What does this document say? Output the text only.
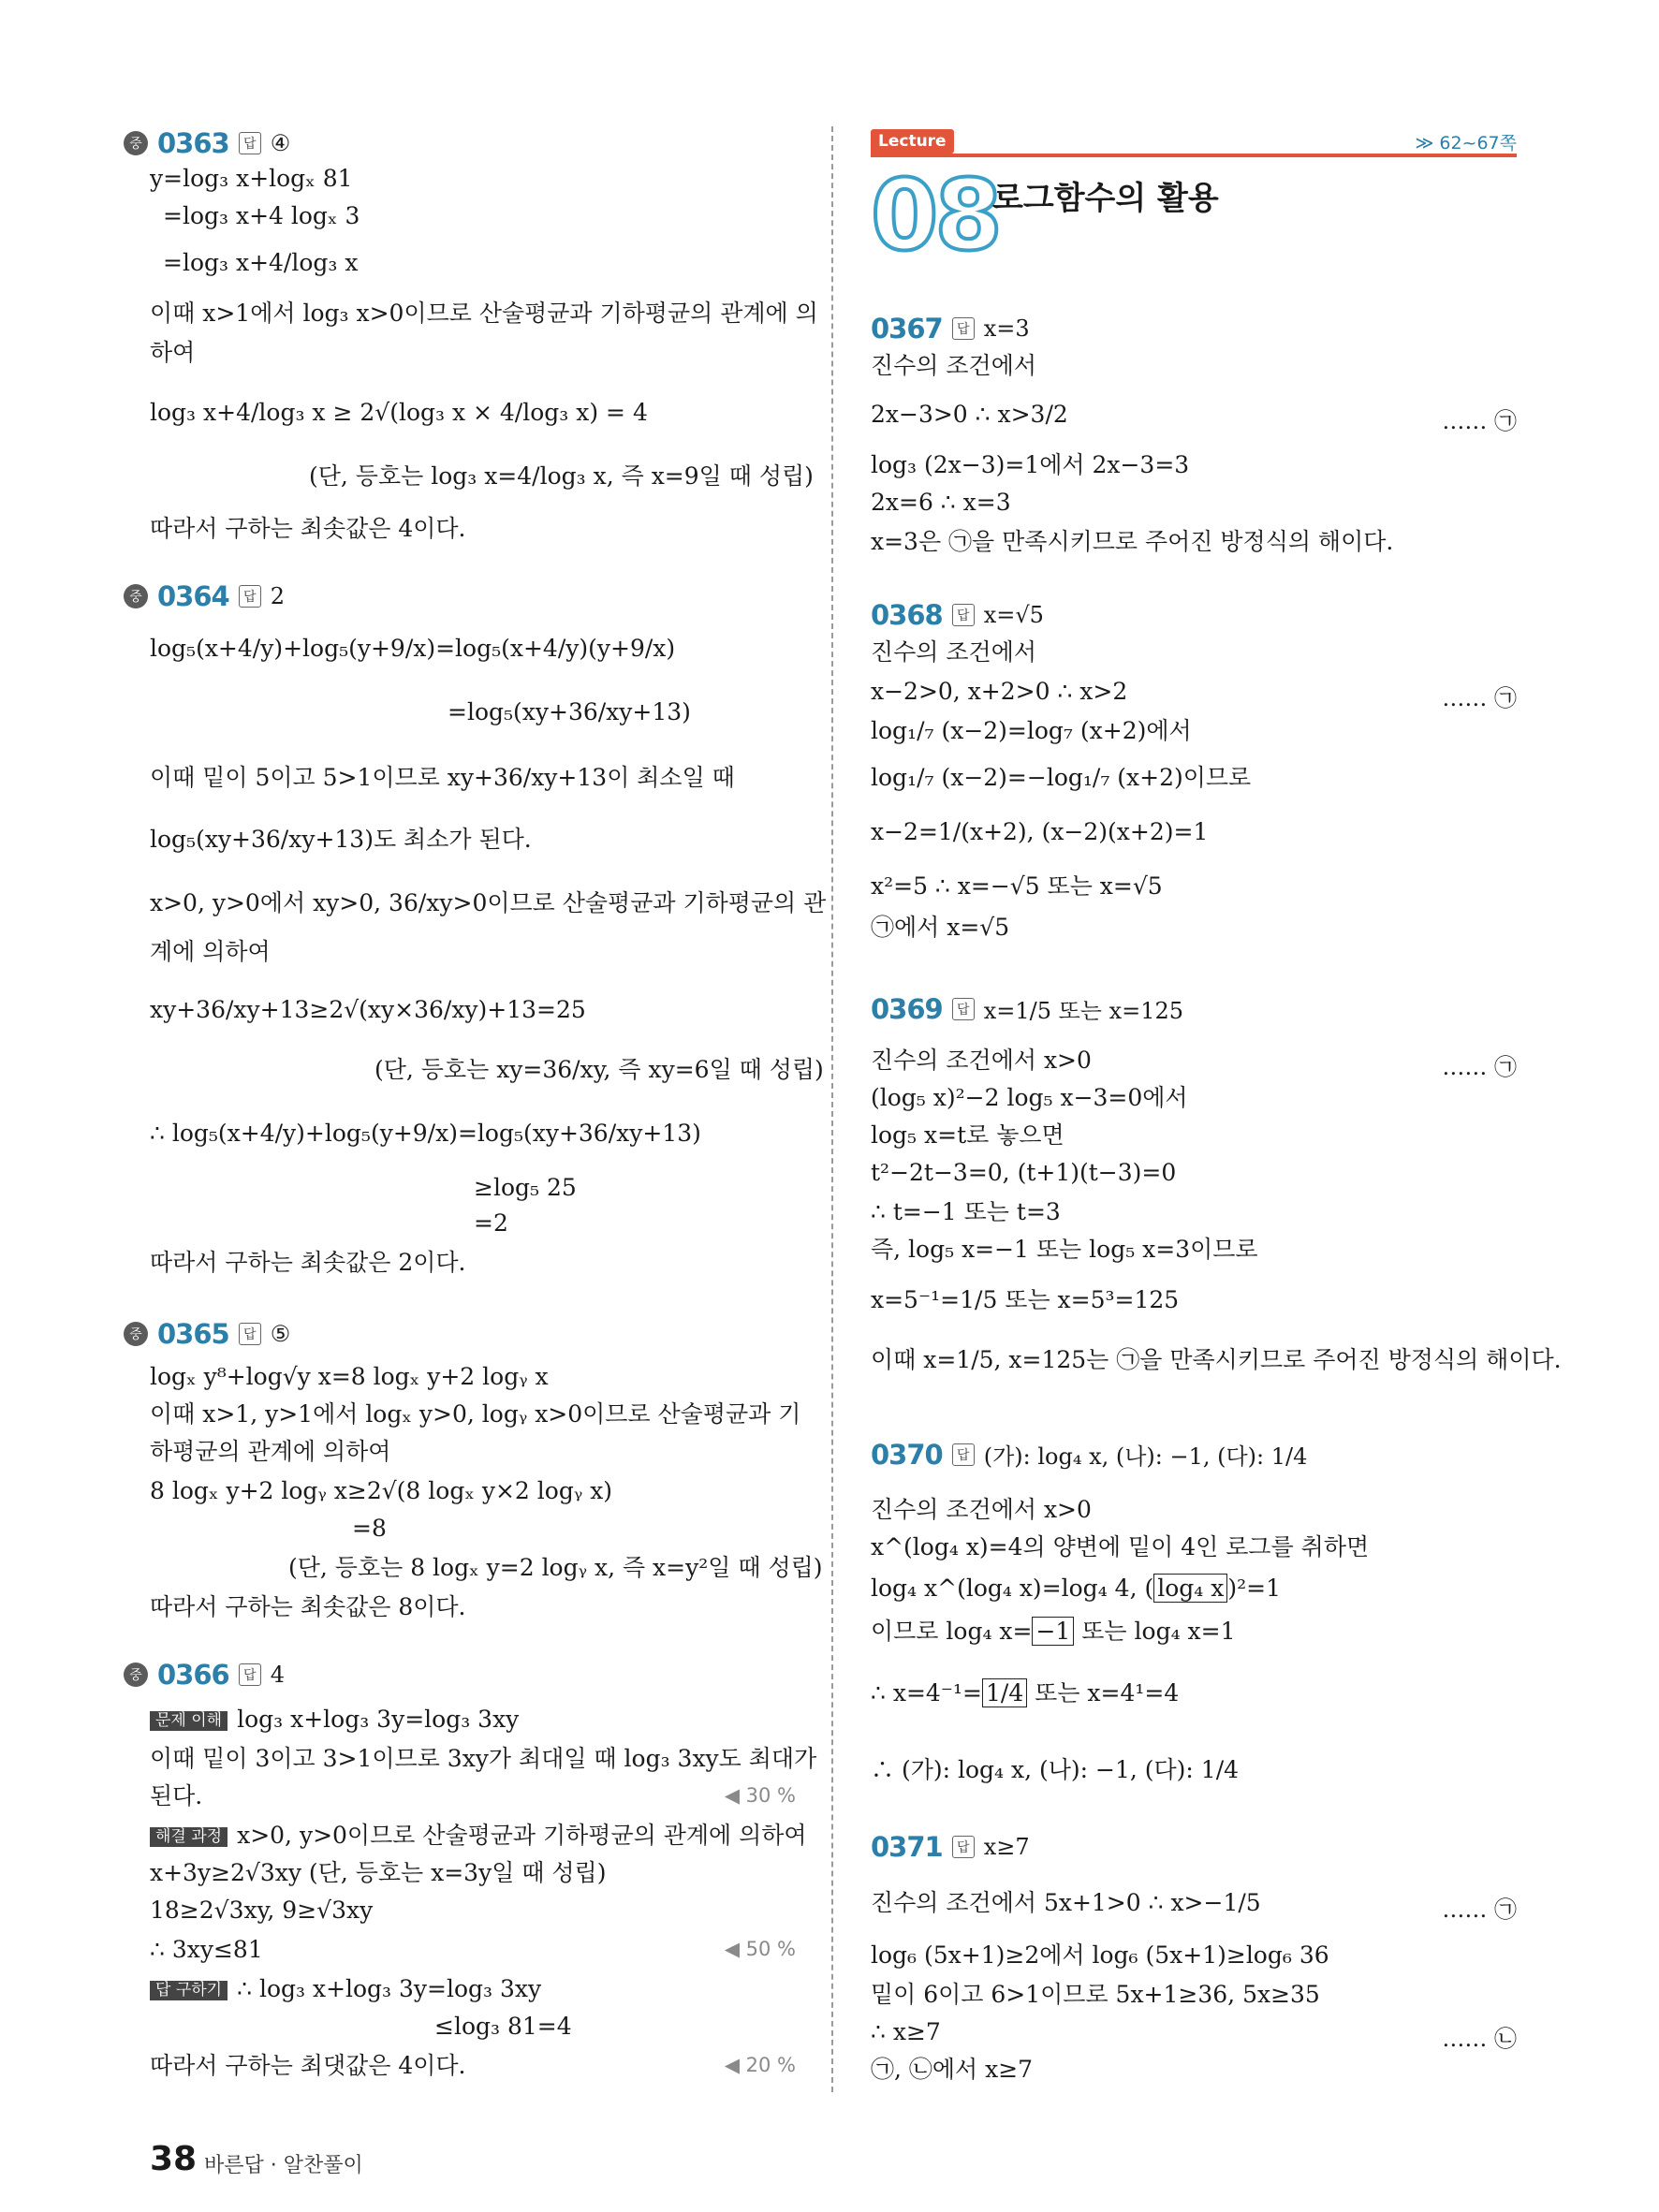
중 0363	답 ④
y=log₃ x+logₓ 81
=log₃ x+4 logₓ 3
=log₃ x+4/log₃ x
이때 x>1에서 log₃ x>0이므로 산술평균과 기하평균의 관계에 의
하여
log₃ x+4/log₃ x ≥ 2√(log₃ x × 4/log₃ x) = 4
(단, 등호는 log₃ x=4/log₃ x, 즉 x=9일 때 성립)
따라서 구하는 최솟값은 4이다.
중 0364	답 2
log₅(x+4/y)+log₅(y+9/x)=log₅(x+4/y)(y+9/x)
=log₅(xy+36/xy+13)
이때 밑이 5이고 5>1이므로 xy+36/xy+13이 최소일 때
log₅(xy+36/xy+13)도 최소가 된다.
x>0, y>0에서 xy>0, 36/xy>0이므로 산술평균과 기하평균의 관
계에 의하여
xy+36/xy+13≥2√(xy×36/xy)+13=25
(단, 등호는 xy=36/xy, 즉 xy=6일 때 성립)
∴ log₅(x+4/y)+log₅(y+9/x)=log₅(xy+36/xy+13)
≥log₅ 25
=2
따라서 구하는 최솟값은 2이다.
중 0365	답 ⑤
logₓ y⁸+log√y x=8 logₓ y+2 logᵧ x
이때 x>1, y>1에서 logₓ y>0, logᵧ x>0이므로 산술평균과 기
하평균의 관계에 의하여
8 logₓ y+2 logᵧ x≥2√(8 logₓ y×2 logᵧ x)
=8
(단, 등호는 8 logₓ y=2 logᵧ x, 즉 x=y²일 때 성립)
따라서 구하는 최솟값은 8이다.
중 0366	답 4
문제 이해 log₃ x+log₃ 3y=log₃ 3xy
이때 밑이 3이고 3>1이므로 3xy가 최대일 때 log₃ 3xy도 최대가
된다.	◀ 30 %
해결 과정 x>0, y>0이므로 산술평균과 기하평균의 관계에 의하여
x+3y≥2√3xy (단, 등호는 x=3y일 때 성립)
18≥2√3xy, 9≥√3xy
∴ 3xy≤81	◀ 50 %
답 구하기 ∴ log₃ x+log₃ 3y=log₃ 3xy
≤log₃ 81=4
따라서 구하는 최댓값은 4이다.	◀ 20 %
Lecture	≫ 62~67쪽
08
로그함수의 활용
0367	답 x=3
진수의 조건에서
2x−3>0 ∴ x>3/2	…… ㉠
log₃ (2x−3)=1에서 2x−3=3
2x=6 ∴ x=3
x=3은 ㉠을 만족시키므로 주어진 방정식의 해이다.
0368	답 x=√5
진수의 조건에서
x−2>0, x+2>0 ∴ x>2	…… ㉠
log₁/₇ (x−2)=log₇ (x+2)에서
log₁/₇ (x−2)=−log₁/₇ (x+2)이므로
x−2=1/(x+2), (x−2)(x+2)=1
x²=5 ∴ x=−√5 또는 x=√5
㉠에서 x=√5
0369	답 x=1/5 또는 x=125
진수의 조건에서 x>0	…… ㉠
(log₅ x)²−2 log₅ x−3=0에서
log₅ x=t로 놓으면
t²−2t−3=0, (t+1)(t−3)=0
∴ t=−1 또는 t=3
즉, log₅ x=−1 또는 log₅ x=3이므로
x=5⁻¹=1/5 또는 x=5³=125
이때 x=1/5, x=125는 ㉠을 만족시키므로 주어진 방정식의 해이다.
0370	답 (가): log₄ x, (나): −1, (다): 1/4
진수의 조건에서 x>0
x^(log₄ x)=4의 양변에 밑이 4인 로그를 취하면
log₄ x^(log₄ x)=log₄ 4, ( log₄ x )²=1
이므로 log₄ x= −1 또는 log₄ x=1
∴ x=4⁻¹= 1/4 또는 x=4¹=4
∴ (가): log₄ x, (나): −1, (다): 1/4
0371	답 x≥7
진수의 조건에서 5x+1>0 ∴ x>−1/5	…… ㉠
log₆ (5x+1)≥2에서 log₆ (5x+1)≥log₆ 36
밑이 6이고 6>1이므로 5x+1≥36, 5x≥35
∴ x≥7	…… ㉡
㉠, ㉡에서 x≥7
38 바른답 · 알찬풀이
